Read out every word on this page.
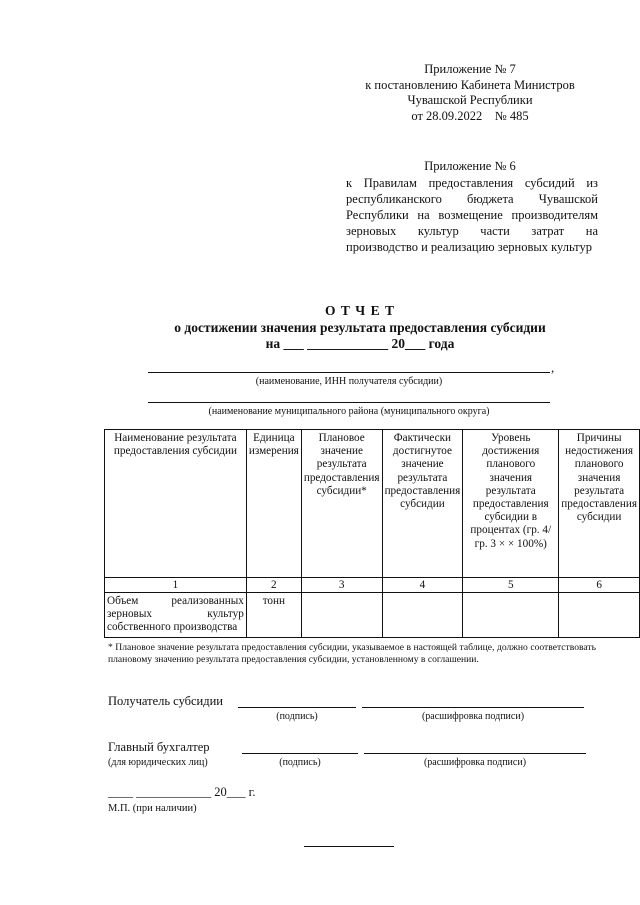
Приложение № 7
к постановлению Кабинета Министров
Чувашской Республики
от 28.09.2022    № 485
Приложение № 6
к Правилам предоставления субсидий из республиканского бюджета Чувашской Республики на возмещение производителям зерновых культур части затрат на производство и реализацию зерновых культур
О Т Ч Е Т
о достижении значения результата предоставления субсидии
на ___ ____________ 20___ года
,
(наименование, ИНН получателя субсидии)
(наименование муниципального района (муниципального округа)
Наименование результата предоставления субсидии	Единица измерения	Плановое значение результата предоставления субсидии*	Фактически достигнутое значение результата предоставления субсидии	Уровень достижения планового значения результата предоставления субсидии в процентах (гр. 4/гр. 3 × × 100%)	Причины недостижения планового значения результата предоставления субсидии
1	2	3	4	5	6
Объем реализованных зерновых культур собственного производства	тонн				
* Плановое значение результата предоставления субсидии, указываемое в настоящей таблице, должно соответствовать плановому значению результата предоставления субсидии, установленному в соглашении.
Получатель субсидии
(подпись)	(расшифровка подписи)
Главный бухгалтер
(для юридических лиц)	(подпись)	(расшифровка подписи)
____ ____________ 20___ г.
М.П. (при наличии)
